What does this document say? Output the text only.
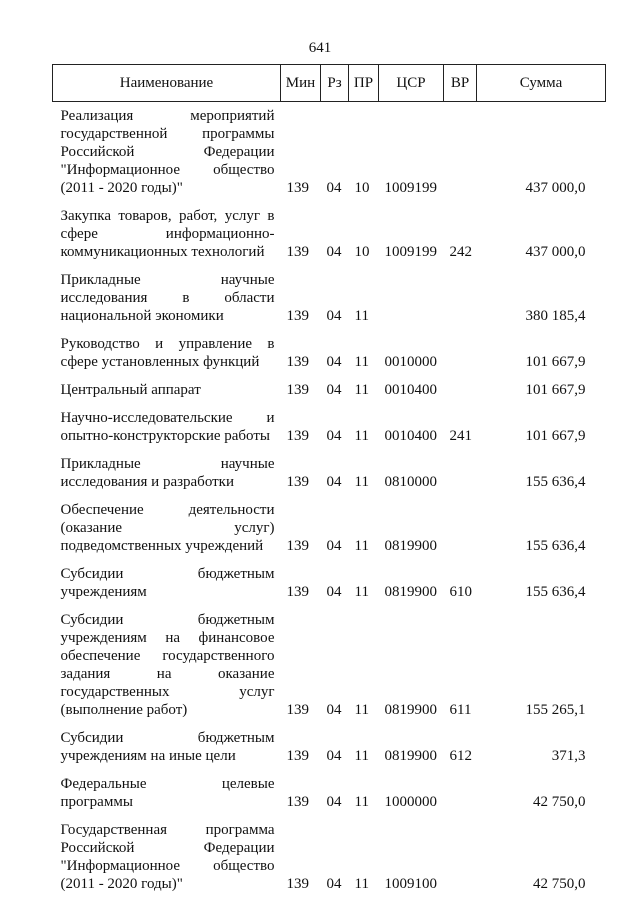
641
Наименование	Мин	Рз	ПР	ЦСР	ВР	Сумма

Реализация мероприятий государственной программы Российской Федерации "Информационное общество (2011 - 2020 годы)"	139	04	10	1009199		437 000,0

Закупка товаров, работ, услуг в сфере информационно-коммуникационных технологий	139	04	10	1009199	242	437 000,0

Прикладные научные исследования в области национальной экономики	139	04	11			380 185,4

Руководство и управление в сфере установленных функций	139	04	11	0010000		101 667,9

Центральный аппарат	139	04	11	0010400		101 667,9

Научно-исследовательские и опытно-конструкторские работы	139	04	11	0010400	241	101 667,9

Прикладные научные исследования и разработки	139	04	11	0810000		155 636,4

Обеспечение деятельности (оказание услуг) подведомственных учреждений	139	04	11	0819900		155 636,4

Субсидии бюджетным учреждениям	139	04	11	0819900	610	155 636,4

Субсидии бюджетным учреждениям на финансовое обеспечение государственного задания на оказание государственных услуг (выполнение работ)	139	04	11	0819900	611	155 265,1

Субсидии бюджетным учреждениям на иные цели	139	04	11	0819900	612	371,3

Федеральные целевые программы	139	04	11	1000000		42 750,0

Государственная программа Российской Федерации "Информационное общество (2011 - 2020 годы)"	139	04	11	1009100		42 750,0
